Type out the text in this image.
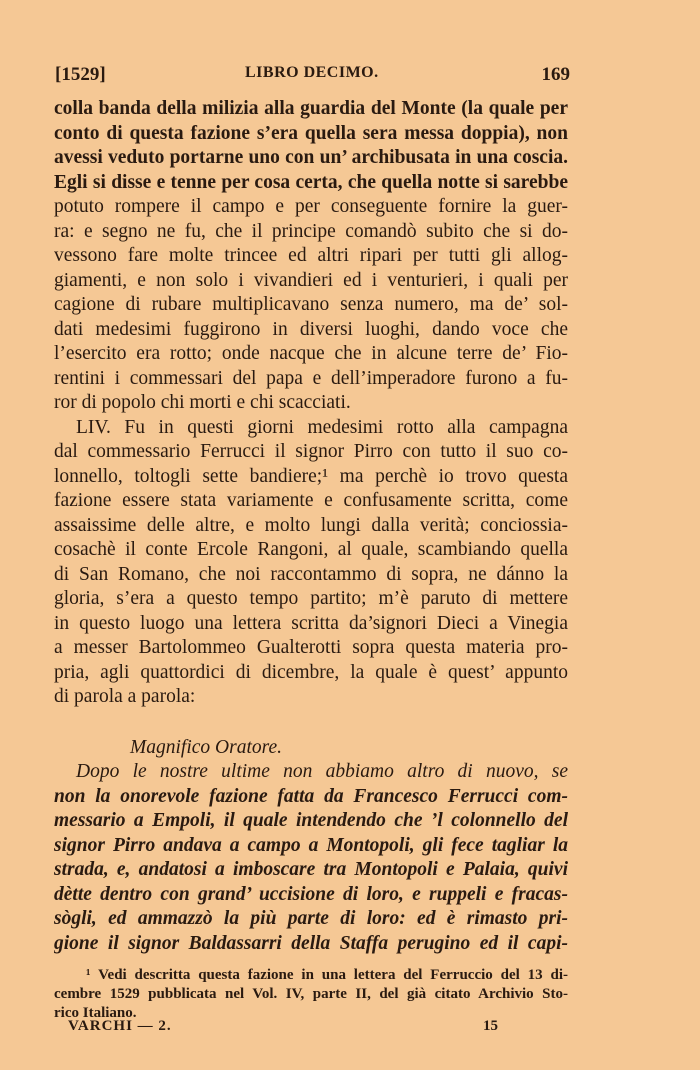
[1529]	LIBRO DECIMO.	169
colla banda della milizia alla guardia del Monte (la quale per
conto di questa fazione s’era quella sera messa doppia), non
avessi veduto portarne uno con un’ archibusata in una coscia.
Egli si disse e tenne per cosa certa, che quella notte si sarebbe
potuto rompere il campo e per conseguente fornire la guer-
ra: e segno ne fu, che il principe comandò subito che si do-
vessono fare molte trincee ed altri ripari per tutti gli allog-
giamenti, e non solo i vivandieri ed i venturieri, i quali per
cagione di rubare multiplicavano senza numero, ma de’ sol-
dati medesimi fuggirono in diversi luoghi, dando voce che
l’esercito era rotto; onde nacque che in alcune terre de’ Fio-
rentini i commessari del papa e dell’imperadore furono a fu-
ror di popolo chi morti e chi scacciati.
LIV. Fu in questi giorni medesimi rotto alla campagna
dal commessario Ferrucci il signor Pirro con tutto il suo co-
lonnello, toltogli sette bandiere;¹ ma perchè io trovo questa
fazione essere stata variamente e confusamente scritta, come
assaissime delle altre, e molto lungi dalla verità; conciossia-
cosachè il conte Ercole Rangoni, al quale, scambiando quella
di San Romano, che noi raccontammo di sopra, ne dánno la
gloria, s’era a questo tempo partito; m’è paruto di mettere
in questo luogo una lettera scritta da’signori Dieci a Vinegia
a messer Bartolommeo Gualterotti sopra questa materia pro-
pria, agli quattordici di dicembre, la quale è quest’ appunto
di parola a parola:
Magnifico Oratore.
Dopo le nostre ultime non abbiamo altro di nuovo, se
non la onorevole fazione fatta da Francesco Ferrucci com-
messario a Empoli, il quale intendendo che ’l colonnello del
signor Pirro andava a campo a Montopoli, gli fece tagliar la
strada, e, andatosi a imboscare tra Montopoli e Palaia, quivi
dètte dentro con grand’ uccisione di loro, e ruppeli e fracas-
sògli, ed ammazzò la più parte di loro: ed è rimasto pri-
gione il signor Baldassarri della Staffa perugino ed il capi-
¹ Vedi descritta questa fazione in una lettera del Ferruccio del 13 di-
cembre 1529 pubblicata nel Vol. IV, parte II, del già citato Archivio Sto-
rico Italiano.
VARCHI — 2.	15
